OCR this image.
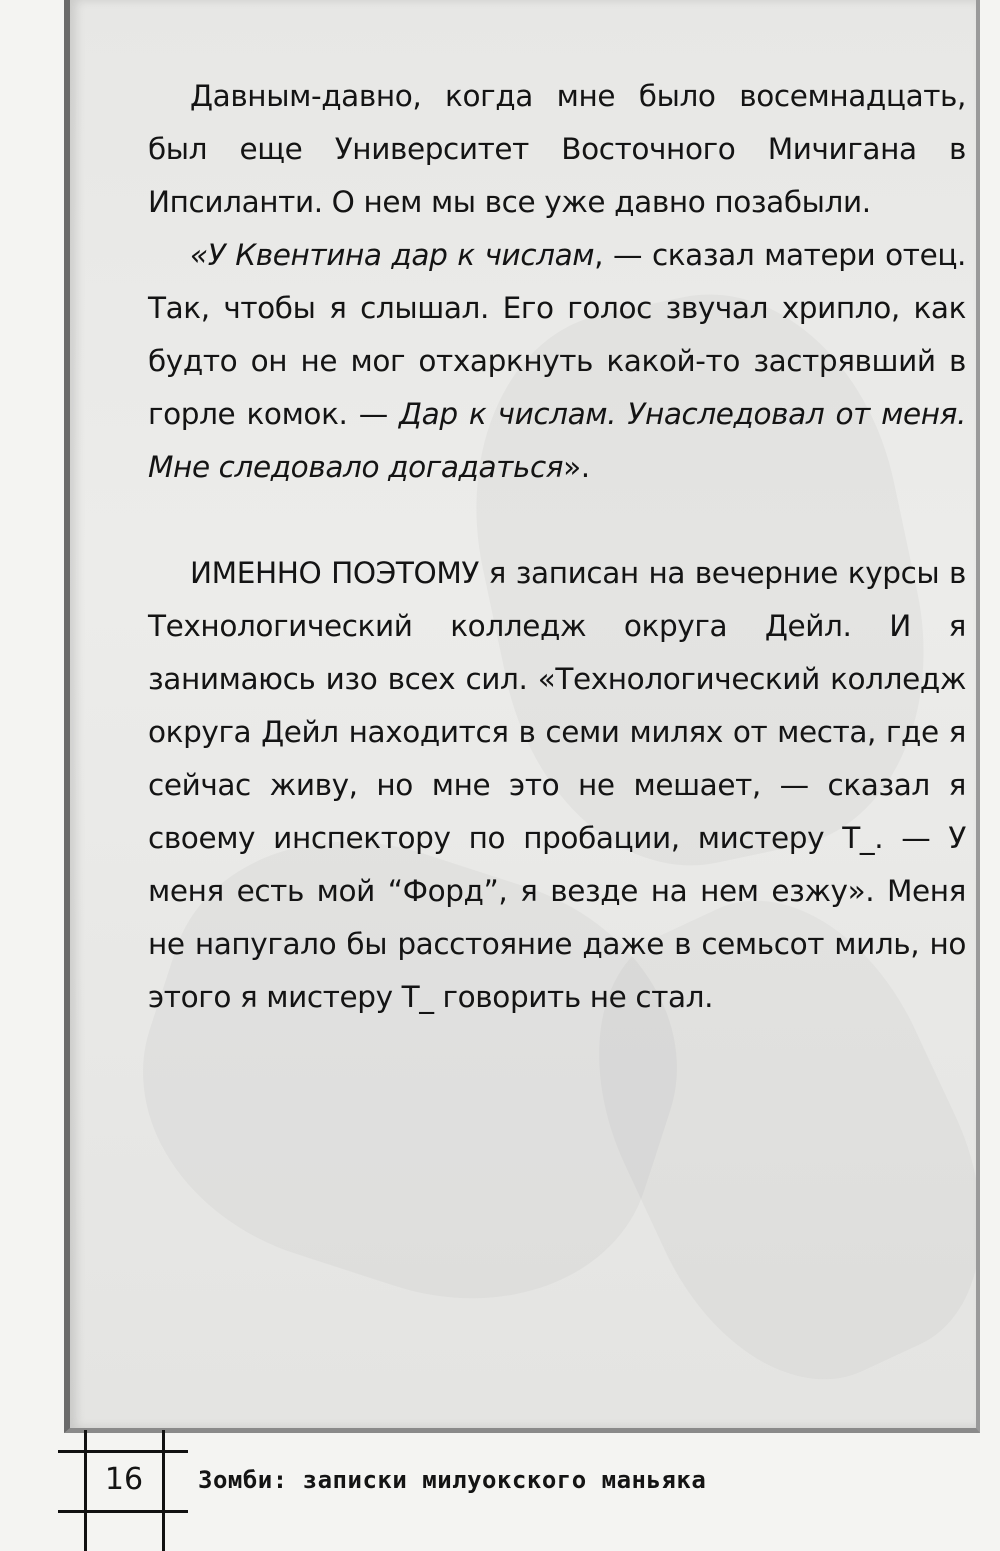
Давным-давно, когда мне было восемнадцать, был еще Университет Восточного Мичигана в Ипсиланти. О нем мы все уже давно позабыли.

«У Квентина дар к числам, — сказал матери отец. Так, чтобы я слышал. Его голос звучал хрипло, как будто он не мог отхаркнуть какой-то застрявший в горле комок. — Дар к числам. Унаследовал от меня. Мне следовало догадаться».

ИМЕННО ПОЭТОМУ я записан на вечерние курсы в Технологический колледж округа Дейл. И я занимаюсь изо всех сил. «Технологический колледж округа Дейл находится в семи милях от места, где я сейчас живу, но мне это не мешает, — сказал я своему инспектору по пробации, мистеру Т_. — У меня есть мой “Форд”, я везде на нем езжу». Меня не напугало бы расстояние даже в семьсот миль, но этого я мистеру Т_ говорить не стал.

16	Зомби: записки милуокского маньяка
